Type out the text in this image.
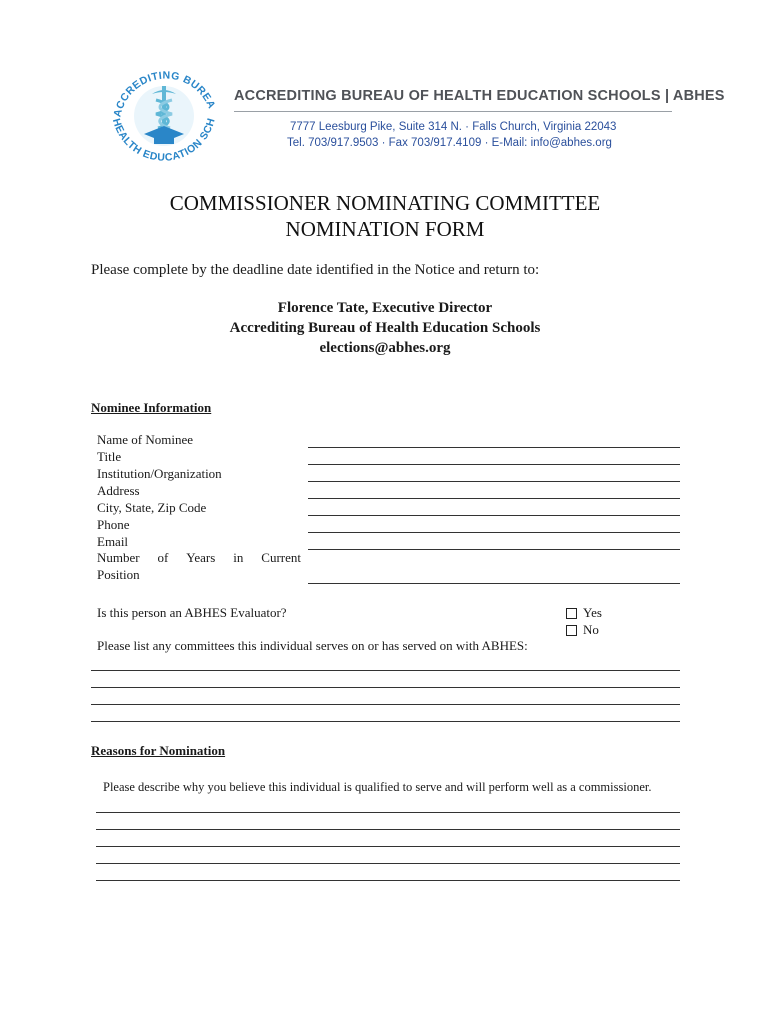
ACCREDITING BUREA
HEALTH EDUCATION SCH
ACCREDITING BUREAU OF HEALTH EDUCATION SCHOOLS | ABHES
7777 Leesburg Pike, Suite 314 N. · Falls Church, Virginia 22043
Tel. 703/917.9503 · Fax 703/917.4109 · E-Mail: info@abhes.org
COMMISSIONER NOMINATING COMMITTEE
NOMINATION FORM
Please complete by the deadline date identified in the Notice and return to:
Florence Tate, Executive Director
Accrediting Bureau of Health Education Schools
elections@abhes.org
Nominee Information
Name of Nominee
Title
Institution/Organization
Address
City, State, Zip Code
Phone
Email
Number of Years in Current
Position
Is this person an ABHES Evaluator?	Yes
No
Please list any committees this individual serves on or has served on with ABHES:
Reasons for Nomination
Please describe why you believe this individual is qualified to serve and will perform well as a commissioner.
